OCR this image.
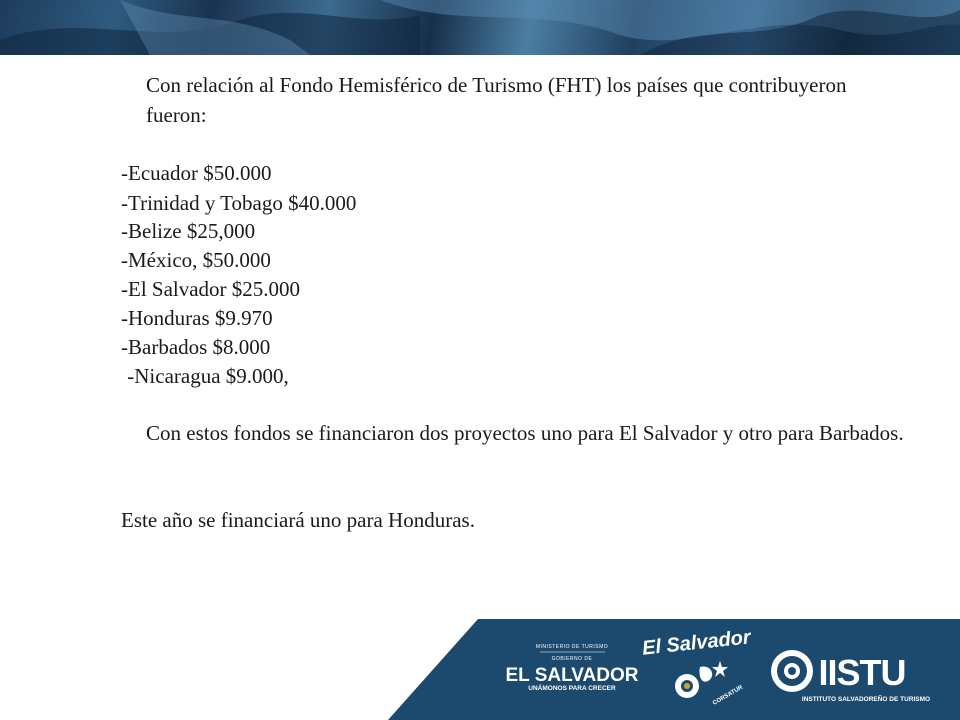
Con relación al Fondo Hemisférico de Turismo (FHT) los países que contribuyeron fueron:

-Ecuador $50.000

-Trinidad y Tobago $40.000

-Belize $25,000

-México, $50.000

-El Salvador $25.000

-Honduras $9.970

-Barbados $8.000

-Nicaragua $9.000,

Con estos fondos se financiaron dos proyectos uno para El Salvador y otro para Barbados.

Este año se financiará uno para Honduras.

MINISTERIO DE TURISMO
GOBIERNO DE
EL SALVADOR
UNÁMONOS PARA CRECER
El Salvador
CORSATUR
IISTU
INSTITUTO SALVADOREÑO DE TURISMO
